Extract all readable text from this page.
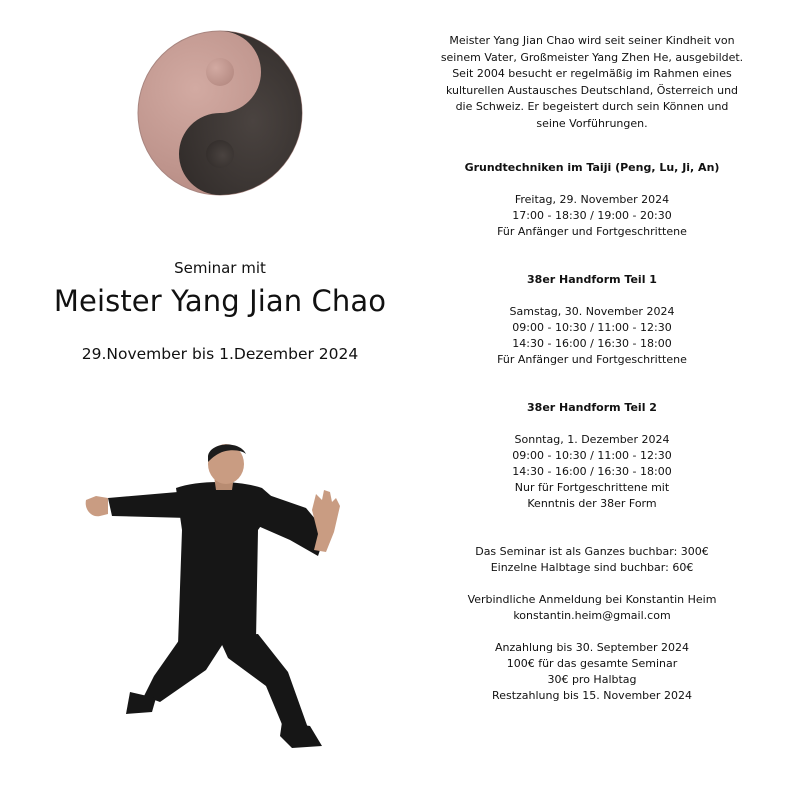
Seminar mit
Meister Yang Jian Chao
29.November bis 1.Dezember 2024
Meister Yang Jian Chao wird seit seiner Kindheit von seinem Vater, Großmeister Yang Zhen He, ausgebildet. Seit 2004 besucht er regelmäßig im Rahmen eines kulturellen Austausches Deutschland, Österreich und die Schweiz. Er begeistert durch sein Können und seine Vorführungen.
Grundtechniken im Taiji (Peng, Lu, Ji, An)
Freitag, 29. November 2024
17:00 - 18:30 / 19:00 - 20:30
Für Anfänger und Fortgeschrittene
38er Handform Teil 1
Samstag, 30. November 2024
09:00 - 10:30 / 11:00 - 12:30
14:30 - 16:00 / 16:30 - 18:00
Für Anfänger und Fortgeschrittene
38er Handform Teil 2
Sonntag, 1. Dezember 2024
09:00 - 10:30 / 11:00 - 12:30
14:30 - 16:00 / 16:30 - 18:00
Nur für Fortgeschrittene mit Kenntnis der 38er Form
Das Seminar ist als Ganzes buchbar: 300€
Einzelne Halbtage sind buchbar: 60€
Verbindliche Anmeldung bei Konstantin Heim
konstantin.heim@gmail.com
Anzahlung bis 30. September 2024
100€ für das gesamte Seminar
30€ pro Halbtag
Restzahlung bis 15. November 2024
